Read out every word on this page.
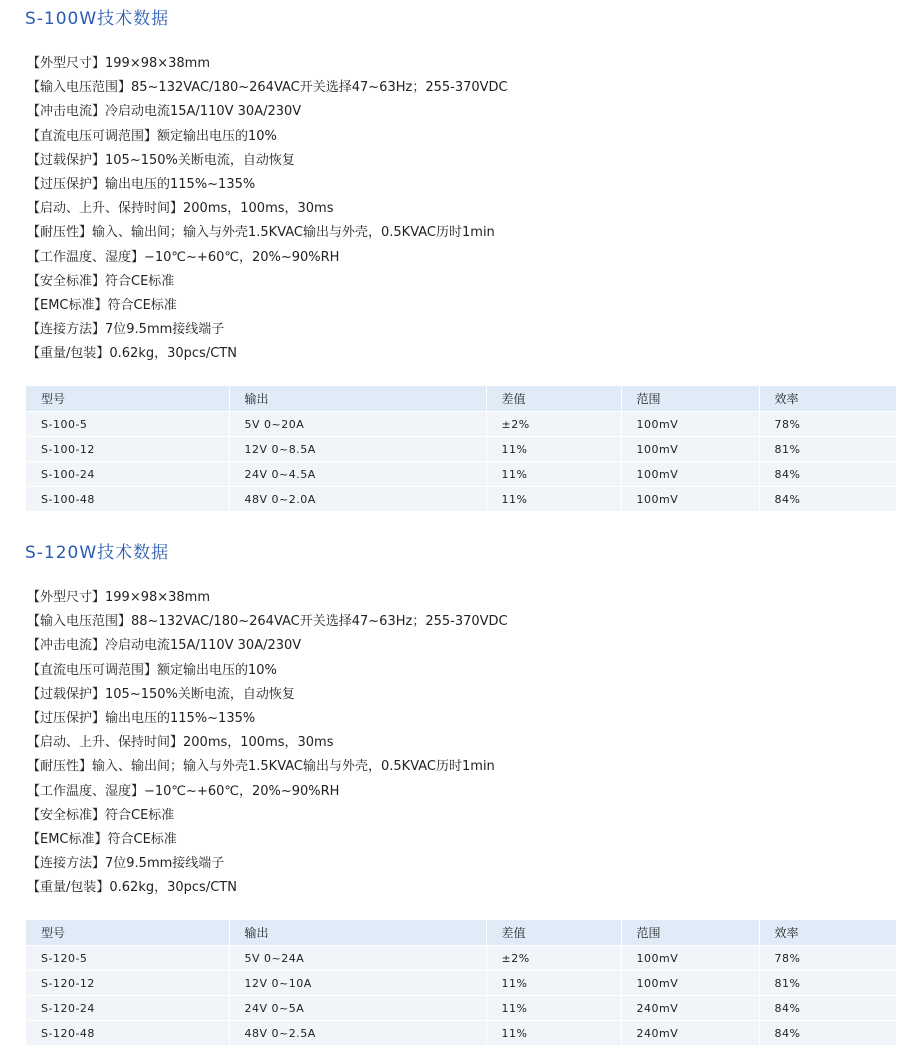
S-100W技术数据
【外型尺寸】199×98×38mm
【输入电压范围】85~132VAC/180~264VAC开关选择47~63Hz；255-370VDC
【冲击电流】冷启动电流15A/110V 30A/230V
【直流电压可调范围】额定输出电压的10%
【过载保护】105~150%关断电流，自动恢复
【过压保护】输出电压的115%~135%
【启动、上升、保持时间】200ms，100ms，30ms
【耐压性】输入、输出间；输入与外壳1.5KVAC输出与外壳，0.5KVAC历时1min
【工作温度、湿度】−10℃~+60℃，20%~90%RH
【安全标准】符合CE标准
【EMC标准】符合CE标准
【连接方法】7位9.5mm接线端子
【重量/包装】0.62kg，30pcs/CTN
型号	输出	差值	范围	效率
S-100-5	5V 0~20A	±2%	100mV	78%
S-100-12	12V 0~8.5A	11%	100mV	81%
S-100-24	24V 0~4.5A	11%	100mV	84%
S-100-48	48V 0~2.0A	11%	100mV	84%
S-120W技术数据
【外型尺寸】199×98×38mm
【输入电压范围】88~132VAC/180~264VAC开关选择47~63Hz；255-370VDC
【冲击电流】冷启动电流15A/110V 30A/230V
【直流电压可调范围】额定输出电压的10%
【过载保护】105~150%关断电流，自动恢复
【过压保护】输出电压的115%~135%
【启动、上升、保持时间】200ms，100ms，30ms
【耐压性】输入、输出间；输入与外壳1.5KVAC输出与外壳，0.5KVAC历时1min
【工作温度、湿度】−10℃~+60℃，20%~90%RH
【安全标准】符合CE标准
【EMC标准】符合CE标准
【连接方法】7位9.5mm接线端子
【重量/包装】0.62kg，30pcs/CTN
型号	输出	差值	范围	效率
S-120-5	5V 0~24A	±2%	100mV	78%
S-120-12	12V 0~10A	11%	100mV	81%
S-120-24	24V 0~5A	11%	240mV	84%
S-120-48	48V 0~2.5A	11%	240mV	84%
